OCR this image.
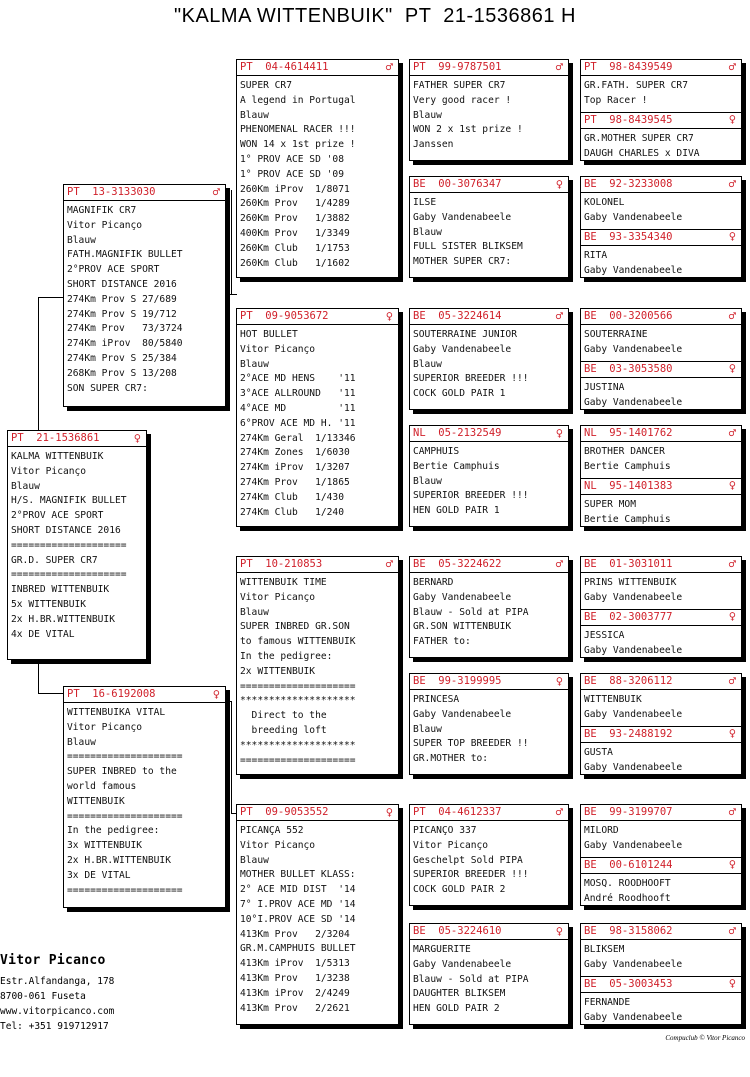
"KALMA WITTENBUIK"  PT  21-1536861 H
PT  21-1536861	♀
KALMA WITTENBUIK
Vitor Picanço
Blauw
H/S. MAGNIFIK BULLET
2°PROV ACE SPORT
SHORT DISTANCE 2016
====================
GR.D. SUPER CR7
====================
INBRED WITTENBUIK
5x WITTENBUIK
2x H.BR.WITTENBUIK
4x DE VITAL
PT  13-3133030	♂
MAGNIFIK CR7
Vitor Picanço
Blauw
FATH.MAGNIFIK BULLET
2°PROV ACE SPORT
SHORT DISTANCE 2016
274Km Prov S 27/689
274Km Prov S 19/712
274Km Prov   73/3724
274Km iProv  80/5840
274Km Prov S 25/384
268Km Prov S 13/208
SON SUPER CR7:
PT  16-6192008	♀
WITTENBUIKA VITAL
Vitor Picanço
Blauw
====================
SUPER INBRED to the
world famous
WITTENBUIK
====================
In the pedigree:
3x WITTENBUIK
2x H.BR.WITTENBUIK
3x DE VITAL
====================
PT  04-4614411	♂
SUPER CR7
A legend in Portugal
Blauw
PHENOMENAL RACER !!!
WON 14 x 1st prize !
1° PROV ACE SD '08
1° PROV ACE SD '09
260Km iProv  1/8071
260Km Prov   1/4289
260Km Prov   1/3882
400Km Prov   1/3349
260Km Club   1/1753
260Km Club   1/1602
PT  09-9053672	♀
HOT BULLET
Vitor Picanço
Blauw
2°ACE MD HENS    '11
3°ACE ALLROUND   '11
4°ACE MD         '11
6°PROV ACE MD H. '11
274Km Geral  1/13346
274Km Zones  1/6030
274Km iProv  1/3207
274Km Prov   1/1865
274Km Club   1/430
274Km Club   1/240
PT  10-210853	♂
WITTENBUIK TIME
Vitor Picanço
Blauw
SUPER INBRED GR.SON
to famous WITTENBUIK
In the pedigree:
2x WITTENBUIK
====================
********************
Direct to the
breeding loft
********************
====================
PT  09-9053552	♀
PICANÇA 552
Vitor Picanço
Blauw
MOTHER BULLET KLASS:
2° ACE MID DIST  '14
7° I.PROV ACE MD '14
10°I.PROV ACE SD '14
413Km Prov   2/3204
GR.M.CAMPHUIS BULLET
413Km iProv  1/5313
413Km Prov   1/3238
413Km iProv  2/4249
413Km Prov   2/2621
PT  99-9787501	♂
FATHER SUPER CR7
Very good racer !
Blauw
WON 2 x 1st prize !
Janssen
BE  00-3076347	♀
ILSE
Gaby Vandenabeele
Blauw
FULL SISTER BLIKSEM
MOTHER SUPER CR7:
BE  05-3224614	♂
SOUTERRAINE JUNIOR
Gaby Vandenabeele
Blauw
SUPERIOR BREEDER !!!
COCK GOLD PAIR 1
NL  05-2132549	♀
CAMPHUIS
Bertie Camphuis
Blauw
SUPERIOR BREEDER !!!
HEN GOLD PAIR 1
BE  05-3224622	♂
BERNARD
Gaby Vandenabeele
Blauw - Sold at PIPA
GR.SON WITTENBUIK
FATHER to:
BE  99-3199995	♀
PRINCESA
Gaby Vandenabeele
Blauw
SUPER TOP BREEDER !!
GR.MOTHER to:
PT  04-4612337	♂
PICANÇO 337
Vitor Picanço
Geschelpt Sold PIPA
SUPERIOR BREEDER !!!
COCK GOLD PAIR 2
BE  05-3224610	♀
MARGUERITE
Gaby Vandenabeele
Blauw - Sold at PIPA
DAUGHTER BLIKSEM
HEN GOLD PAIR 2
PT  98-8439549	♂
GR.FATH. SUPER CR7
Top Racer !
PT  98-8439545	♀
GR.MOTHER SUPER CR7
DAUGH CHARLES x DIVA
BE  92-3233008	♂
KOLONEL
Gaby Vandenabeele
BE  93-3354340	♀
RITA
Gaby Vandenabeele
BE  00-3200566	♂
SOUTERRAINE
Gaby Vandenabeele
BE  03-3053580	♀
JUSTINA
Gaby Vandenabeele
NL  95-1401762	♂
BROTHER DANCER
Bertie Camphuis
NL  95-1401383	♀
SUPER MOM
Bertie Camphuis
BE  01-3031011	♂
PRINS WITTENBUIK
Gaby Vandenabeele
BE  02-3003777	♀
JESSICA
Gaby Vandenabeele
BE  88-3206112	♂
WITTENBUIK
Gaby Vandenabeele
BE  93-2488192	♀
GUSTA
Gaby Vandenabeele
BE  99-3199707	♂
MILORD
Gaby Vandenabeele
BE  00-6101244	♀
MOSQ. ROODHOOFT
André Roodhooft
BE  98-3158062	♂
BLIKSEM
Gaby Vandenabeele
BE  05-3003453	♀
FERNANDE
Gaby Vandenabeele
Vitor Picanco
Estr.Alfandanga, 178
8700-061 Fuseta
www.vitorpicanco.com
Tel: +351 919712917
Compuclub © Vitor Picanco
